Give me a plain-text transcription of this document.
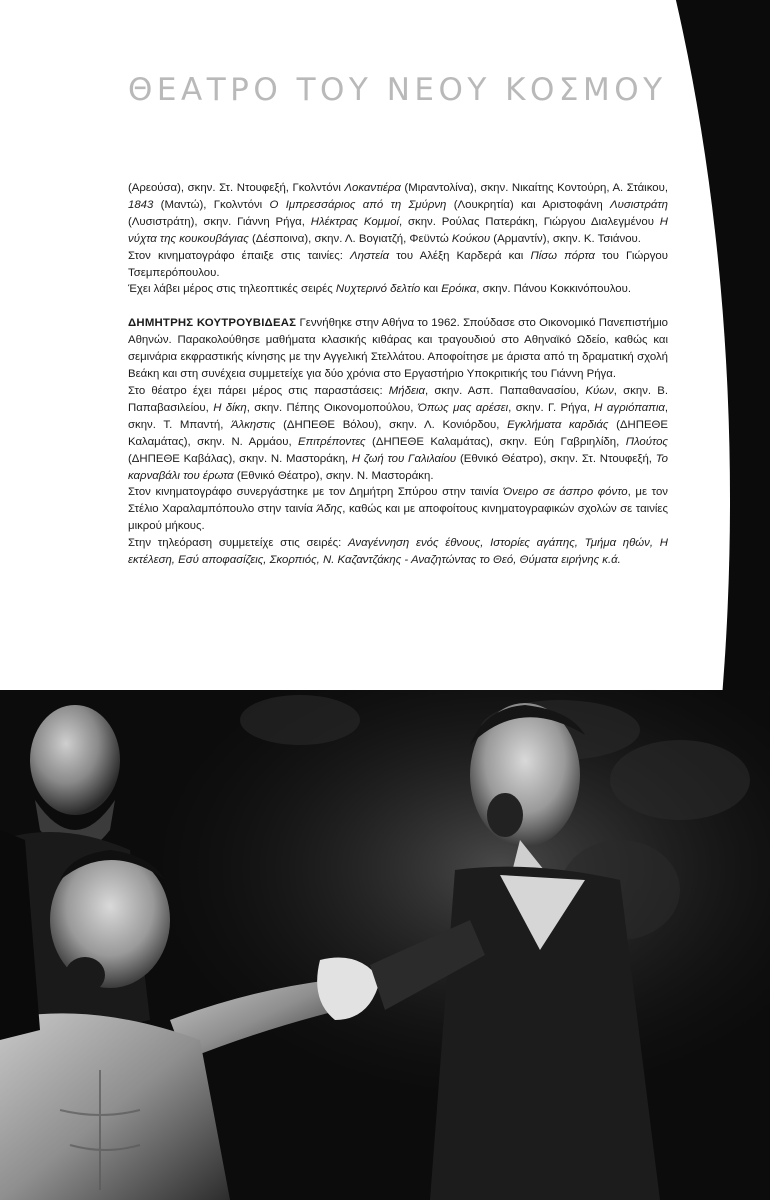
ΘΕΑΤΡΟ ΤΟΥ ΝΕΟΥ ΚΟΣΜΟΥ

(Αρεούσα), σκην. Στ. Ντουφεξή, Γκολντόνι Λοκαντιέρα (Μιραντολίνα), σκην. Νικαίτης Κοντούρη, Α. Στάικου, 1843 (Μαντώ), Γκολντόνι Ο Ιμπρεσσάριος από τη Σμύρνη (Λουκρητία) και Αριστοφάνη Λυσιστράτη (Λυσιστράτη), σκην. Γιάννη Ρήγα, Ηλέκτρας Κομμοί, σκην. Ρούλας Πατεράκη, Γιώργου Διαλεγμένου Η νύχτα της κουκουβάγιας (Δέσποινα), σκην. Λ. Βογιατζή, Φεϋντώ Κούκου (Αρμαντίν), σκην. Κ. Τσιάνου.

Στον κινηματογράφο έπαιξε στις ταινίες: Ληστεία του Αλέξη Καρδερά και Πίσω πόρτα του Γιώργου Τσεμπερόπουλου.

Έχει λάβει μέρος στις τηλεοπτικές σειρές Νυχτερινό δελτίο και Ερόικα, σκην. Πάνου Κοκκινόπουλου.

ΔΗΜΗΤΡΗΣ ΚΟΥΤΡΟΥΒΙΔΕΑΣ Γεννήθηκε στην Αθήνα το 1962. Σπούδασε στο Οικονομικό Πανεπιστήμιο Αθηνών. Παρακολούθησε μαθήματα κλασικής κιθάρας και τραγουδιού στο Αθηναϊκό Ωδείο, καθώς και σεμινάρια εκφραστικής κίνησης με την Αγγελική Στελλάτου. Αποφοίτησε με άριστα από τη δραματική σχολή Βεάκη και στη συνέχεια συμμετείχε για δύο χρόνια στο Εργαστήριο Υποκριτικής του Γιάννη Ρήγα.

Στο θέατρο έχει πάρει μέρος στις παραστάσεις: Μήδεια, σκην. Ασπ. Παπαθανασίου, Κύων, σκην. Β. Παπαβασιλείου, Η δίκη, σκην. Πέπης Οικονομοπούλου, Όπως μας αρέσει, σκην. Γ. Ρήγα, Η αγριόπαπια, σκην. Τ. Μπαντή, Άλκηστις (ΔΗΠΕΘΕ Βόλου), σκην. Λ. Κονιόρδου, Εγκλήματα καρδιάς (ΔΗΠΕΘΕ Καλαμάτας), σκην. Ν. Αρμάου, Επιτρέποντες (ΔΗΠΕΘΕ Καλαμάτας), σκην. Εύη Γαβριηλίδη, Πλούτος (ΔΗΠΕΘΕ Καβάλας), σκην. Ν. Μαστοράκη, Η ζωή του Γαλιλαίου (Εθνικό Θέατρο), σκην. Στ. Ντουφεξή, Το καρναβάλι του έρωτα (Εθνικό Θέατρο), σκην. Ν. Μαστοράκη.

Στον κινηματογράφο συνεργάστηκε με τον Δημήτρη Σπύρου στην ταινία Όνειρο σε άσπρο φόντο, με τον Στέλιο Χαραλαμπόπουλο στην ταινία Άδης, καθώς και με αποφοίτους κινηματογραφικών σχολών σε ταινίες μικρού μήκους.

Στην τηλεόραση συμμετείχε στις σειρές: Αναγέννηση ενός έθνους, Ιστορίες αγάπης, Τμήμα ηθών, Η εκτέλεση, Εσύ αποφασίζεις, Σκορπιός, Ν. Καζαντζάκης - Αναζητώντας το Θεό, Θύματα ειρήνης κ.ά.
